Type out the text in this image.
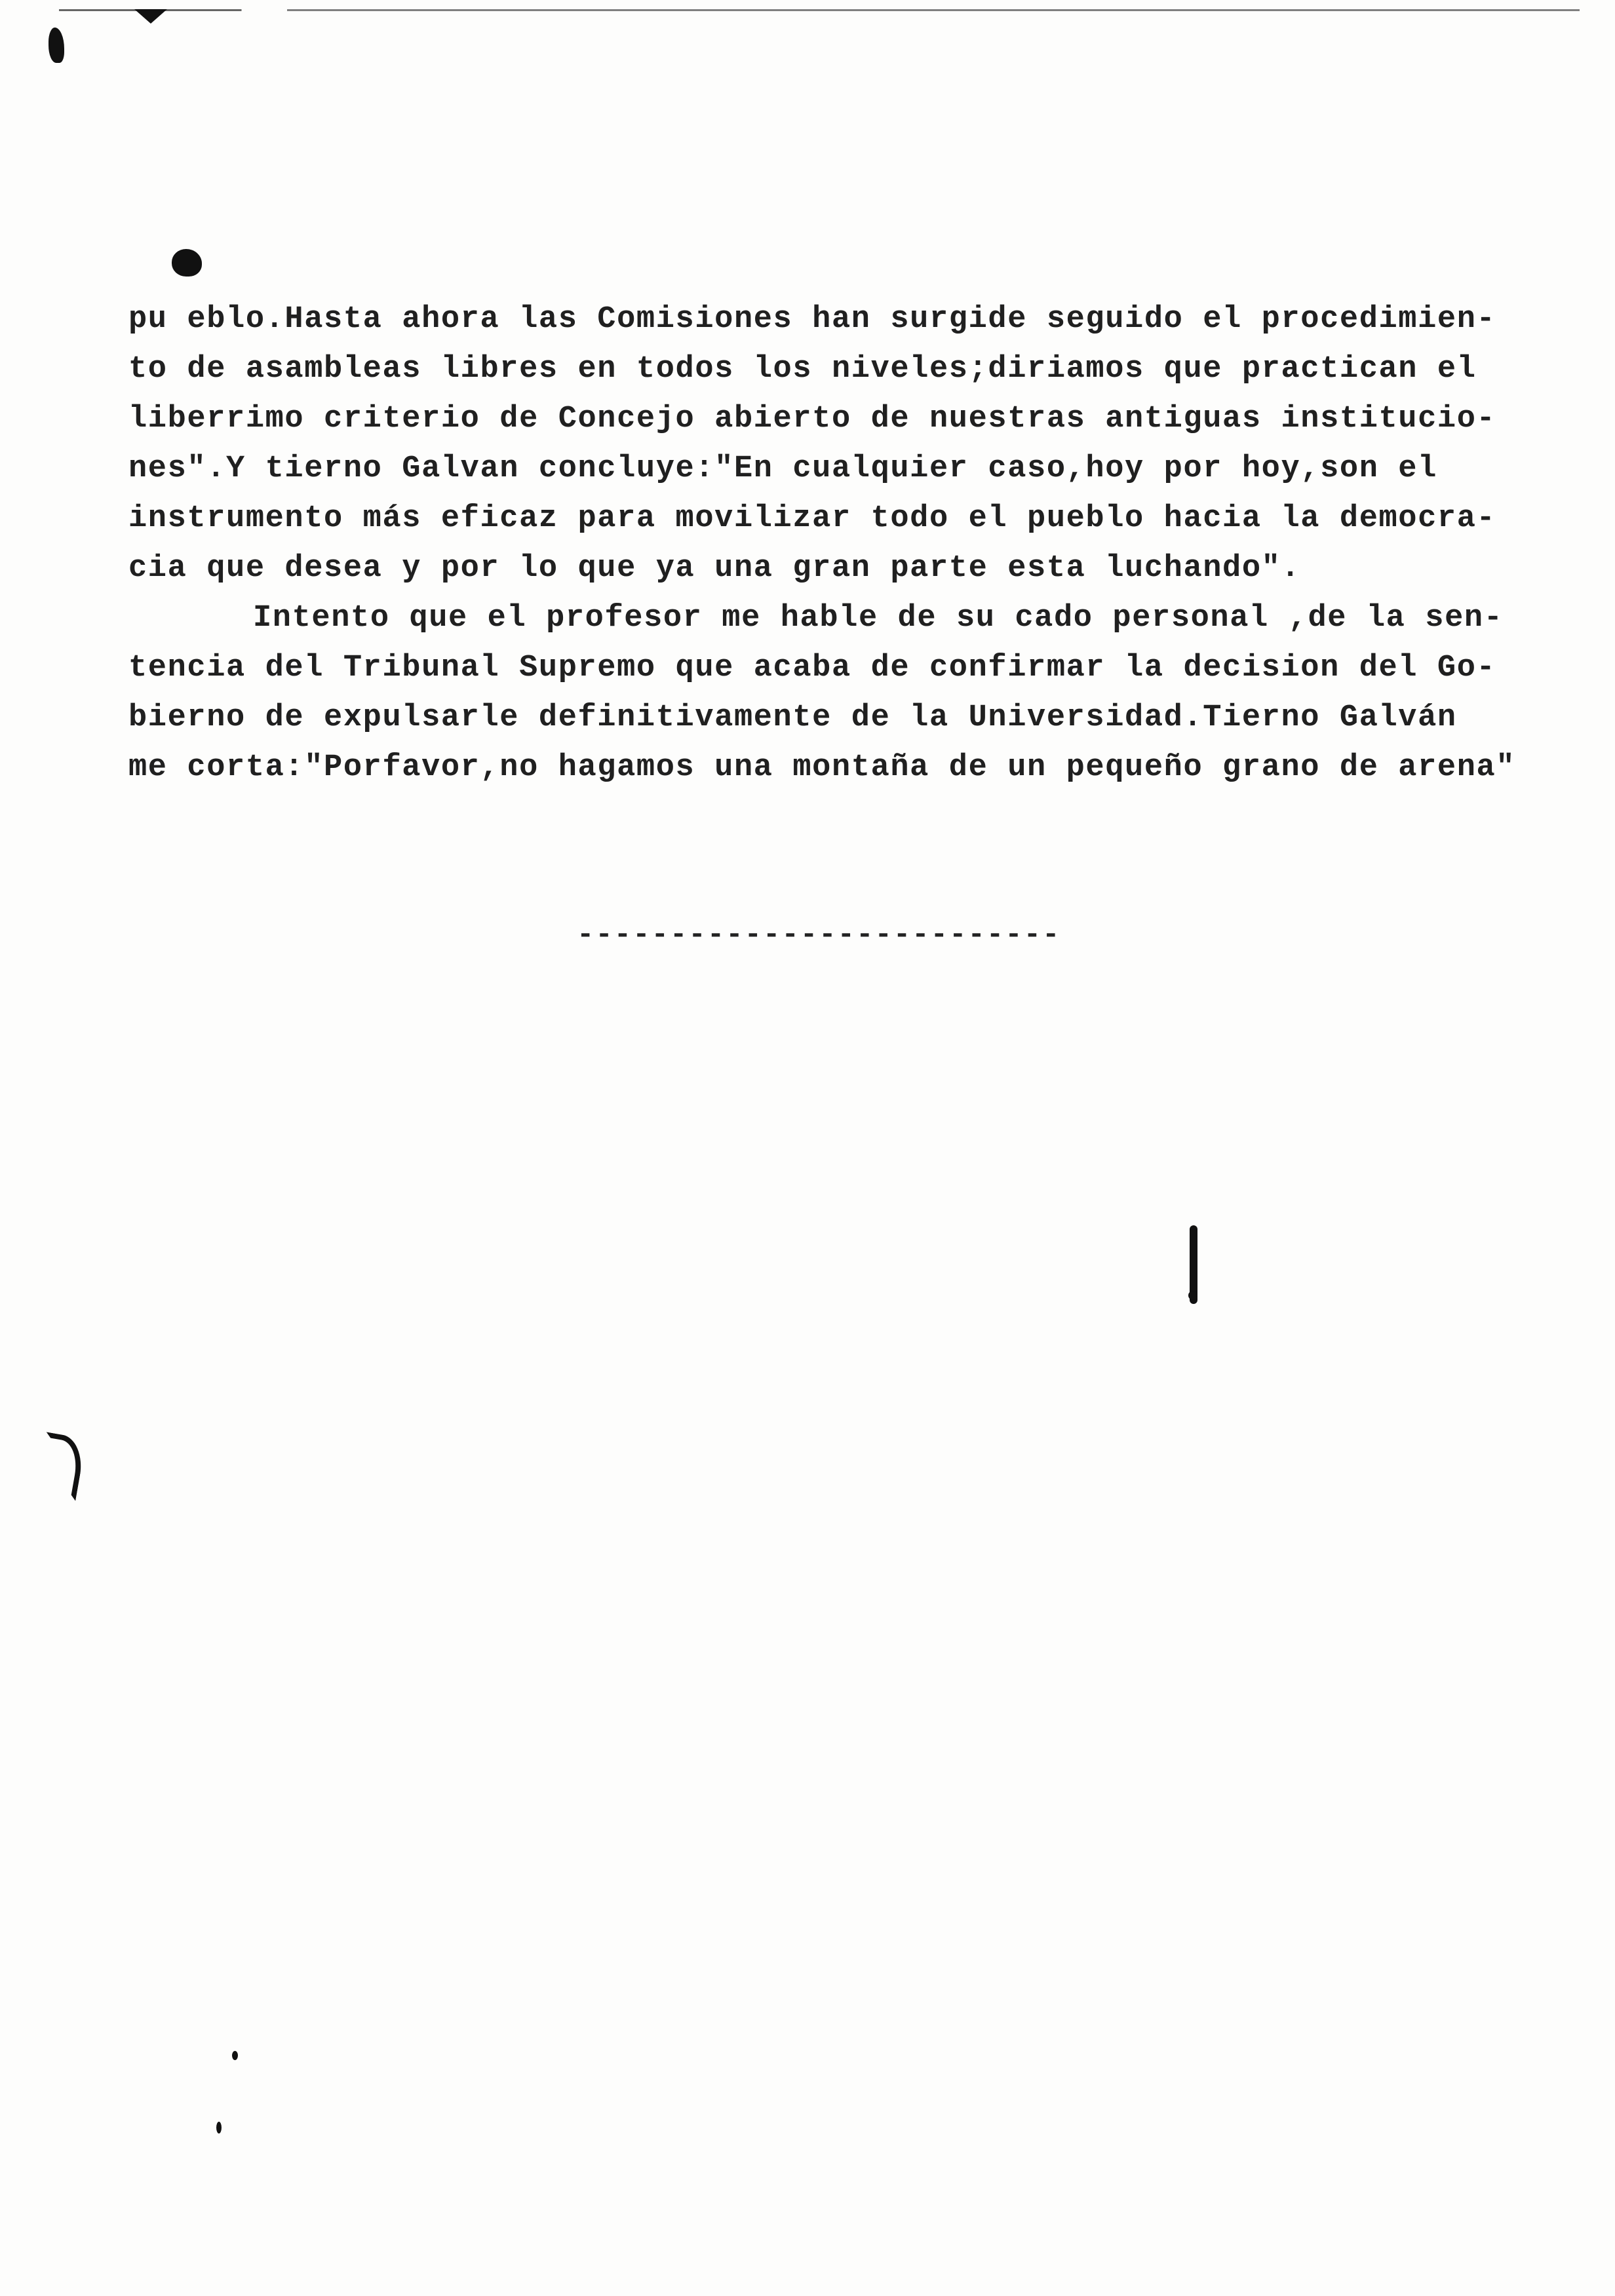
pu eblo.Hasta ahora las Comisiones han surgide seguido el procedimien-
to de asambleas libres en todos los niveles;diriamos que practican el
liberrimo criterio de Concejo abierto de nuestras antiguas institucio-
nes".Y tierno Galvan concluye:"En cualquier caso,hoy por hoy,son el
instrumento más eficaz para movilizar todo el pueblo hacia la democra-
cia que desea y por lo que ya una gran parte esta luchando".
Intento que el profesor me hable de su cado personal ,de la sen-
tencia del Tribunal Supremo que acaba de confirmar la decision del Go-
bierno de expulsarle definitivamente de la Universidad.Tierno Galván
me corta:"Porfavor,no hagamos una montaña de un pequeño grano de arena"
--------------------------
